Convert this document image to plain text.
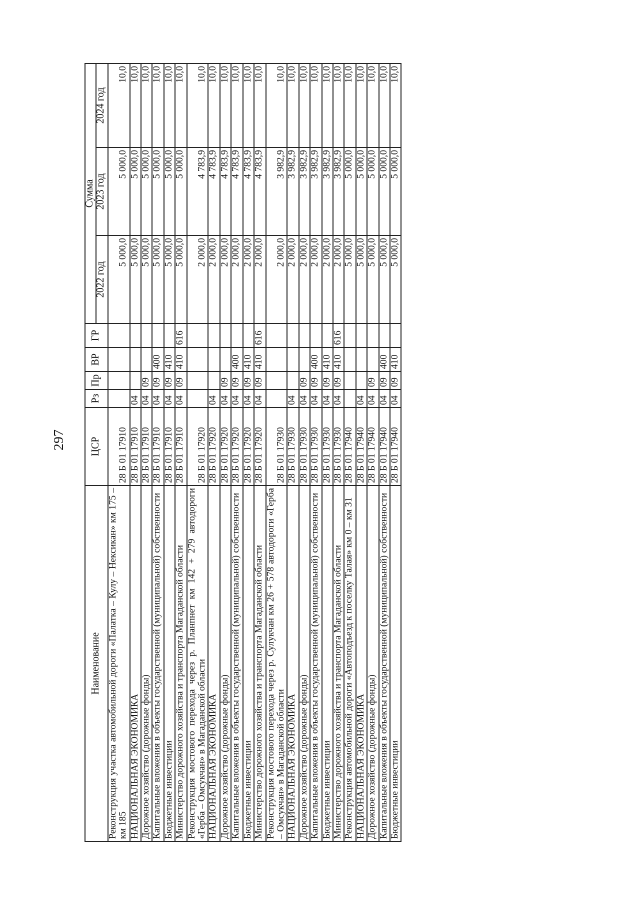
297
Наименование	ЦСР	Рз	Пр	ВР	ГР	Сумма		
						2022 год	2023 год	2024 год
Реконструкция участка автомобильной дороги «Палатка – Кулу – Нексикан» км 175 – км 185	28 Б 01 17910					5 000,0	5 000,0	10,0
НАЦИОНАЛЬНАЯ ЭКОНОМИКА	28 Б 01 17910	04				5 000,0	5 000,0	10,0
Дорожное хозяйство (дорожные фонды)	28 Б 01 17910	04	09			5 000,0	5 000,0	10,0
Капитальные вложения в объекты государственной (муниципальной) собственности	28 Б 01 17910	04	09	400		5 000,0	5 000,0	10,0
Бюджетные инвестиции	28 Б 01 17910	04	09	410		5 000,0	5 000,0	10,0
Министерство дорожного хозяйства и транспорта Магаданской области	28 Б 01 17910	04	09	410	616	5 000,0	5 000,0	10,0
Реконструкция мостового перехода через р. Планпнет км 142 + 279 автодороги «Герба – Омсукчан» в Магаданской области	28 Б 01 17920					2 000,0	4 783,9	10,0
НАЦИОНАЛЬНАЯ ЭКОНОМИКА	28 Б 01 17920	04				2 000,0	4 783,9	10,0
Дорожное хозяйство (дорожные фонды)	28 Б 01 17920	04	09			2 000,0	4 783,9	10,0
Капитальные вложения в объекты государственной (муниципальной) собственности	28 Б 01 17920	04	09	400		2 000,0	4 783,9	10,0
Бюджетные инвестиции	28 Б 01 17920	04	09	410		2 000,0	4 783,9	10,0
Министерство дорожного хозяйства и транспорта Магаданской области	28 Б 01 17920	04	09	410	616	2 000,0	4 783,9	10,0
Реконструкция мостового перехода через р. Сулукчан км 26 + 578 автодороги «Герба – Омсукчан» в Магаданской области	28 Б 01 17930					2 000,0	3 982,9	10,0
НАЦИОНАЛЬНАЯ ЭКОНОМИКА	28 Б 01 17930	04				2 000,0	3 982,9	10,0
Дорожное хозяйство (дорожные фонды)	28 Б 01 17930	04	09			2 000,0	3 982,9	10,0
Капитальные вложения в объекты государственной (муниципальной) собственности	28 Б 01 17930	04	09	400		2 000,0	3 982,9	10,0
Бюджетные инвестиции	28 Б 01 17930	04	09	410		2 000,0	3 982,9	10,0
Министерство дорожного хозяйства и транспорта Магаданской области	28 Б 01 17930	04	09	410	616	2 000,0	3 982,9	10,0
Реконструкция автомобильной дороги «Автоподъезд к поселку Талая» км 0 – км 31	28 Б 01 17940					5 000,0	5 000,0	10,0
НАЦИОНАЛЬНАЯ ЭКОНОМИКА	28 Б 01 17940	04				5 000,0	5 000,0	10,0
Дорожное хозяйство (дорожные фонды)	28 Б 01 17940	04	09			5 000,0	5 000,0	10,0
Капитальные вложения в объекты государственной (муниципальной) собственности	28 Б 01 17940	04	09	400		5 000,0	5 000,0	10,0
Бюджетные инвестиции	28 Б 01 17940	04	09	410		5 000,0	5 000,0	10,0
